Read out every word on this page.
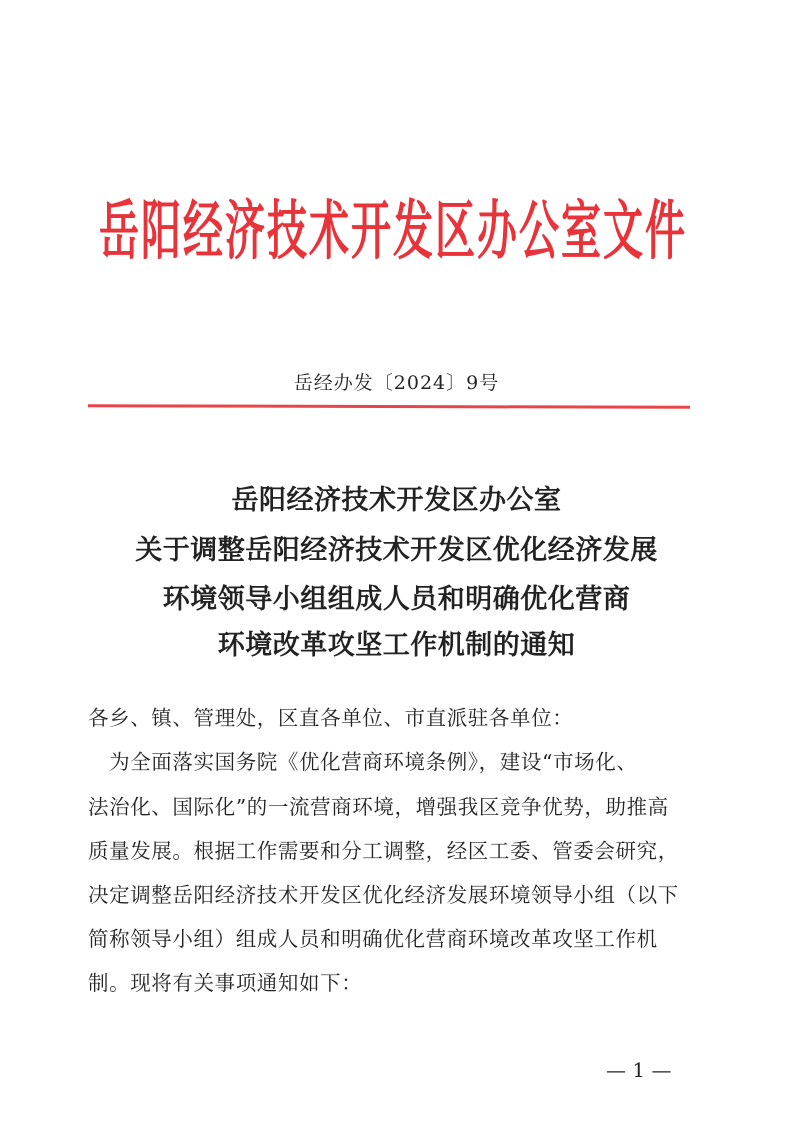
岳阳经济技术开发区办公室文件
岳经办发〔2024〕9号
岳阳经济技术开发区办公室
关于调整岳阳经济技术开发区优化经济发展
环境领导小组组成人员和明确优化营商
环境改革攻坚工作机制的通知
各乡、镇、管理处，区直各单位、市直派驻各单位：
　为全面落实国务院《优化营商环境条例》，建设“市场化、
法治化、国际化”的一流营商环境，增强我区竞争优势，助推高
质量发展。根据工作需要和分工调整，经区工委、管委会研究，
决定调整岳阳经济技术开发区优化经济发展环境领导小组（以下
简称领导小组）组成人员和明确优化营商环境改革攻坚工作机
制。现将有关事项通知如下：
— 1 —
